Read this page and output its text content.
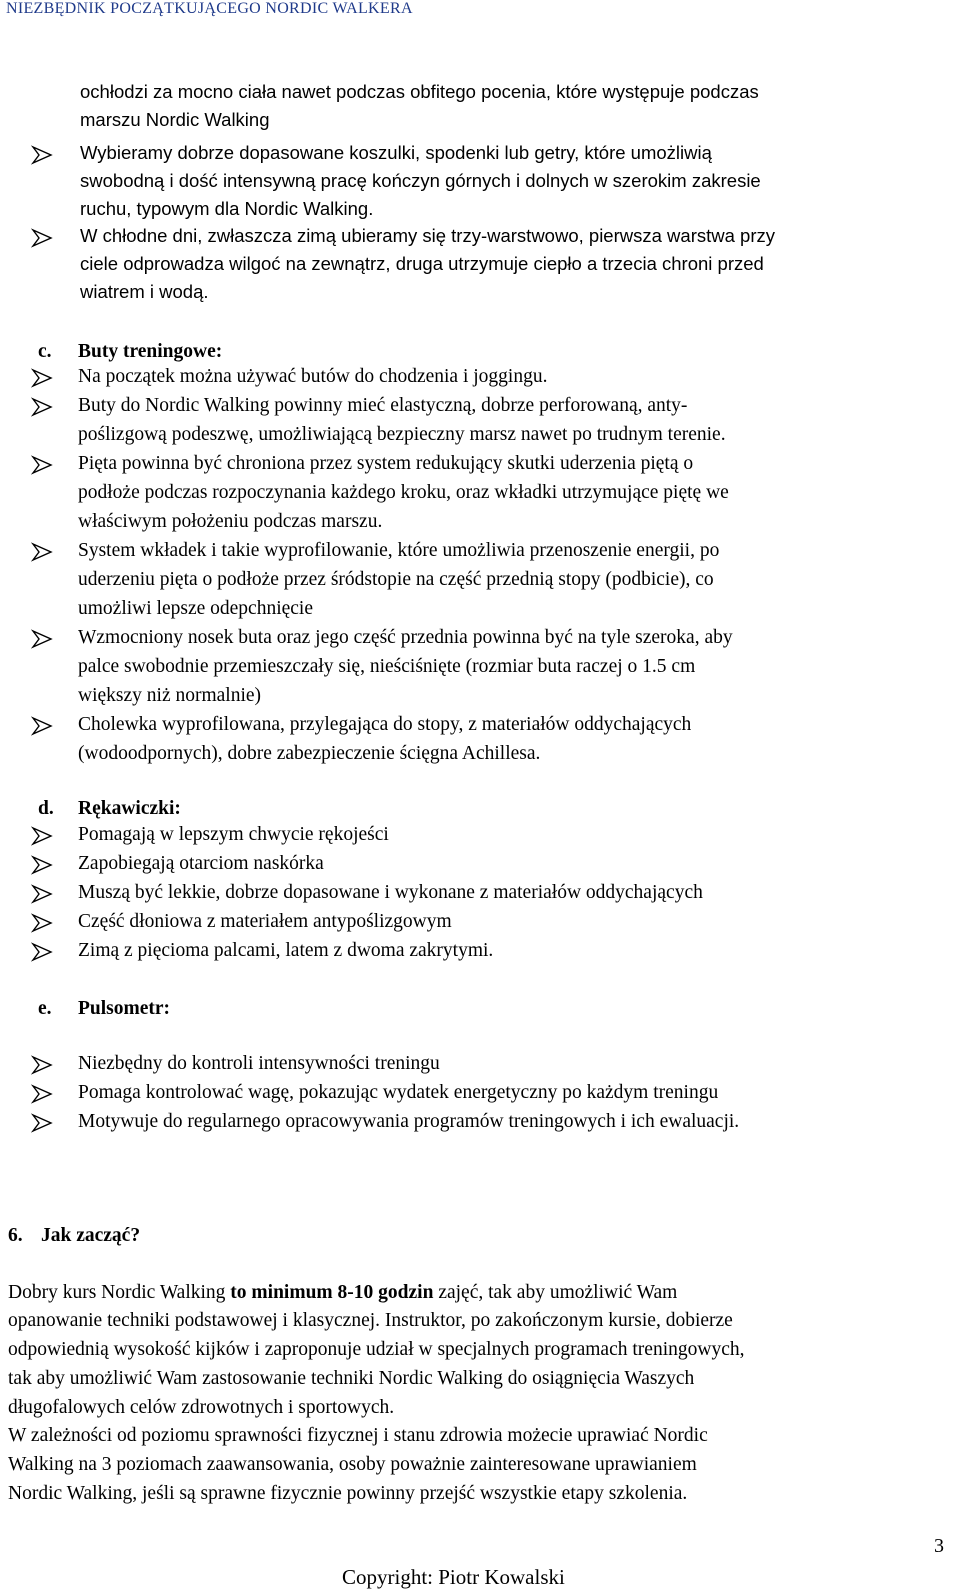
NIEZBĘDNIK POCZĄTKUJĄCEGO NORDIC WALKERA
ochłodzi za mocno ciała nawet podczas obfitego pocenia, które występuje podczas
marszu Nordic Walking
Wybieramy dobrze dopasowane koszulki, spodenki lub getry, które umożliwią
swobodną i dość intensywną pracę kończyn górnych i dolnych w szerokim zakresie
ruchu, typowym dla Nordic Walking.
W chłodne dni, zwłaszcza zimą ubieramy się trzy-warstwowo, pierwsza warstwa przy
ciele odprowadza wilgoć na zewnątrz, druga utrzymuje ciepło a trzecia chroni przed
wiatrem i wodą.
c. Buty treningowe:
Na początek można używać butów do chodzenia i joggingu.
Buty do Nordic Walking powinny mieć elastyczną, dobrze perforowaną, anty-
poślizgową podeszwę, umożliwiającą bezpieczny marsz nawet po trudnym terenie.
Pięta powinna być chroniona przez system redukujący skutki uderzenia piętą o
podłoże podczas rozpoczynania każdego kroku, oraz wkładki utrzymujące piętę we
właściwym położeniu podczas marszu.
System wkładek i takie wyprofilowanie, które umożliwia przenoszenie energii, po
uderzeniu pięta o podłoże przez śródstopie na część przednią stopy (podbicie), co
umożliwi lepsze odepchnięcie
Wzmocniony nosek buta oraz jego część przednia powinna być na tyle szeroka, aby
palce swobodnie przemieszczały się, nieściśnięte (rozmiar buta raczej o 1.5 cm
większy niż normalnie)
Cholewka wyprofilowana, przylegająca do stopy, z materiałów oddychających
(wodoodpornych), dobre zabezpieczenie ścięgna Achillesa.
d. Rękawiczki:
Pomagają w lepszym chwycie rękojeści
Zapobiegają otarciom naskórka
Muszą być lekkie, dobrze dopasowane i wykonane z materiałów oddychających
Część dłoniowa z materiałem antypoślizgowym
Zimą z pięcioma palcami, latem z dwoma zakrytymi.
e. Pulsometr:
Niezbędny do kontroli intensywności treningu
Pomaga kontrolować wagę, pokazując wydatek energetyczny po każdym treningu
Motywuje do regularnego opracowywania programów treningowych i ich ewaluacji.
6. Jak zacząć?
Dobry kurs Nordic Walking to minimum 8-10 godzin zajęć, tak aby umożliwić Wam
opanowanie techniki podstawowej i klasycznej. Instruktor, po zakończonym kursie, dobierze
odpowiednią wysokość kijków i zaproponuje udział w specjalnych programach treningowych,
tak aby umożliwić Wam zastosowanie techniki Nordic Walking do osiągnięcia Waszych
długofalowych celów zdrowotnych i sportowych.
W zależności od poziomu sprawności fizycznej i stanu zdrowia możecie uprawiać Nordic
Walking na 3 poziomach zaawansowania, osoby poważnie zainteresowane uprawianiem
Nordic Walking, jeśli są sprawne fizycznie powinny przejść wszystkie etapy szkolenia.
3
Copyright: Piotr Kowalski
